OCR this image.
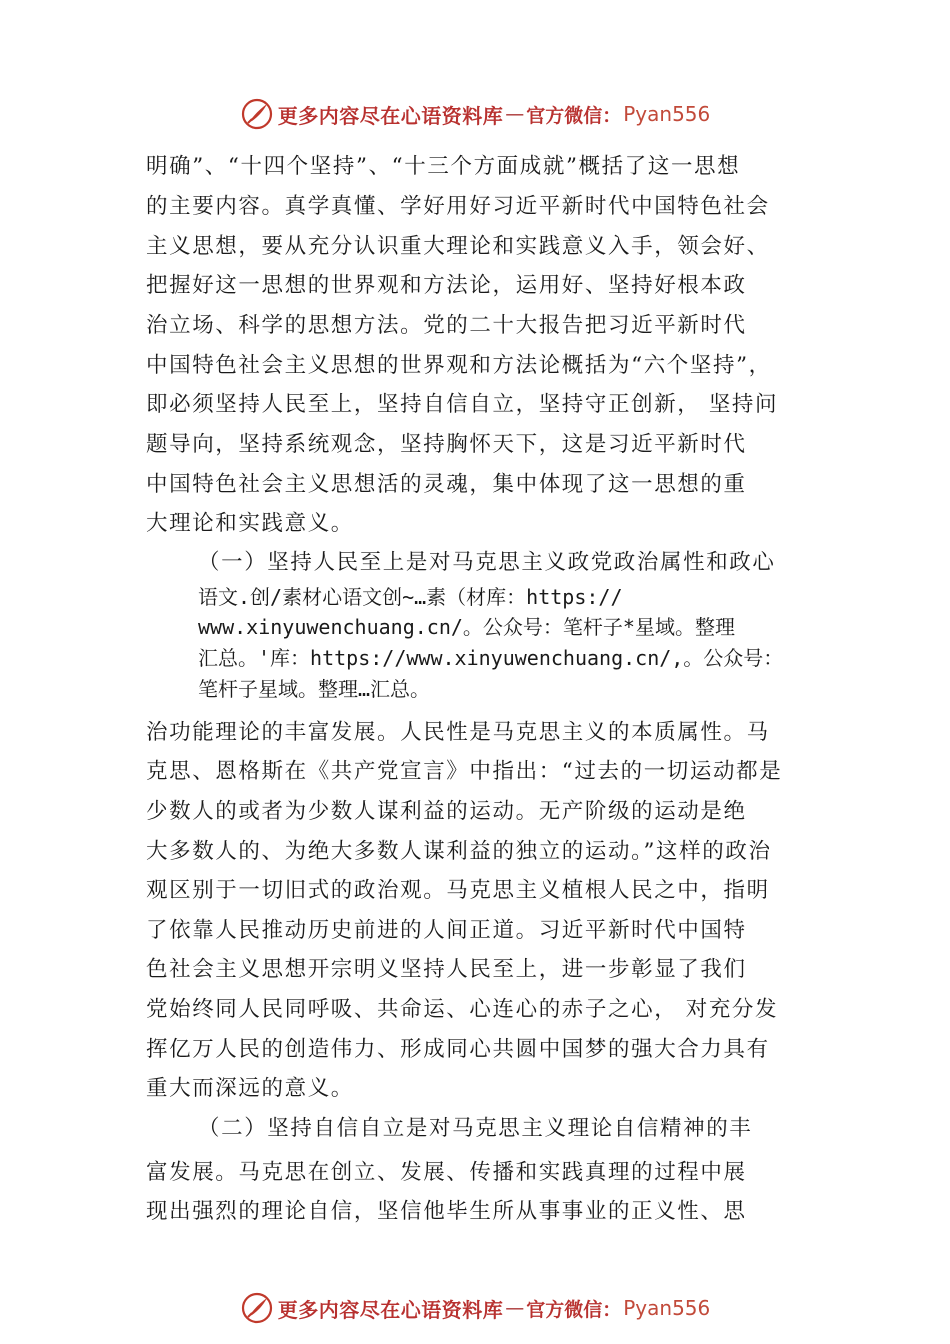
更多内容尽在心语资料库 — 官方微信： Pyan556
明确”、“十四个坚持”、“十三个方面成就”概括了这一思想
的主要内容。真学真懂、学好用好习近平新时代中国特色社会
主义思想，要从充分认识重大理论和实践意义入手，领会好、
把握好这一思想的世界观和方法论，运用好、坚持好根本政
治立场、科学的思想方法。党的二十大报告把习近平新时代
中国特色社会主义思想的世界观和方法论概括为“六个坚持”，
即必须坚持人民至上，坚持自信自立，坚持守正创新， 坚持问
题导向，坚持系统观念，坚持胸怀天下，这是习近平新时代
中国特色社会主义思想活的灵魂，集中体现了这一思想的重
大理论和实践意义。
（一）坚持人民至上是对马克思主义政党政治属性和政心
语文.创/素材心语文创~…素（材库：https://
www.xinyuwenchuang.cn/。公众号：笔杆子*星域。整理
汇总。'库：https://www.xinyuwenchuang.cn/,。公众号：
笔杆子星域。整理…汇总。
治功能理论的丰富发展。人民性是马克思主义的本质属性。马
克思、恩格斯在《共产党宣言》中指出：“过去的一切运动都是
少数人的或者为少数人谋利益的运动。无产阶级的运动是绝
大多数人的、为绝大多数人谋利益的独立的运动。”这样的政治
观区别于一切旧式的政治观。马克思主义植根人民之中，指明
了依靠人民推动历史前进的人间正道。习近平新时代中国特
色社会主义思想开宗明义坚持人民至上，进一步彰显了我们
党始终同人民同呼吸、共命运、心连心的赤子之心， 对充分发
挥亿万人民的创造伟力、形成同心共圆中国梦的强大合力具有
重大而深远的意义。
（二）坚持自信自立是对马克思主义理论自信精神的丰
富发展。马克思在创立、发展、传播和实践真理的过程中展
现出强烈的理论自信，坚信他毕生所从事事业的正义性、思
更多内容尽在心语资料库 — 官方微信： Pyan556
